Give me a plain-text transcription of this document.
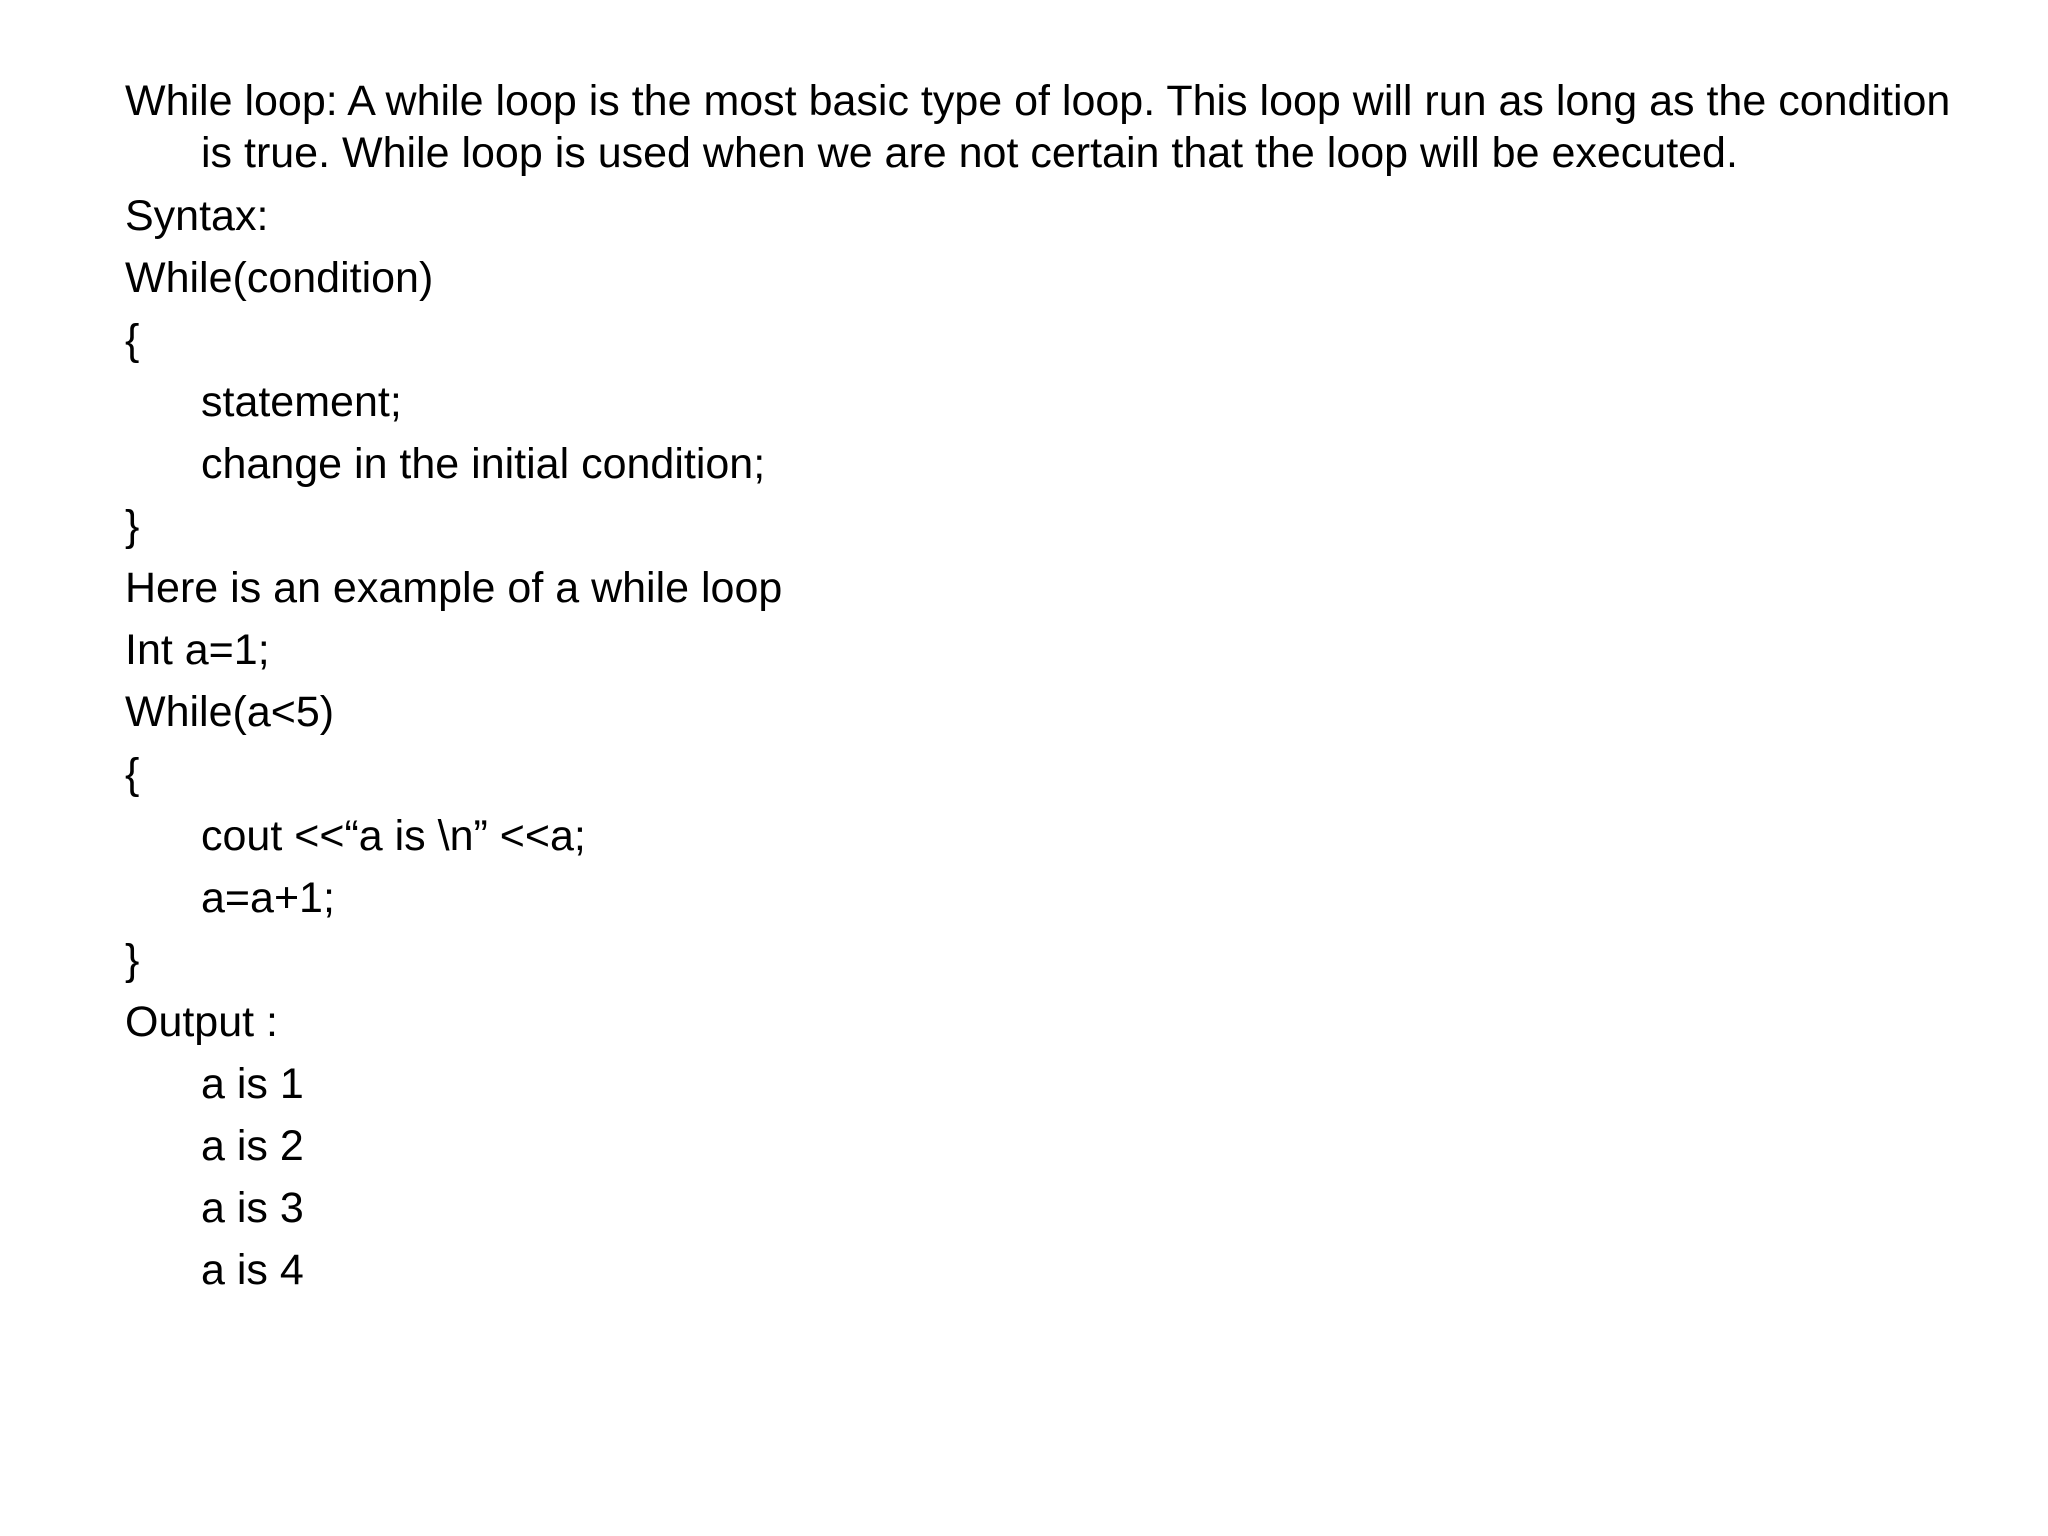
While loop: A while loop is the most basic type of loop. This loop will run as long as the condition is true. While loop is used when we are not certain that the loop will be executed.

Syntax:
While(condition)
{
statement;
change in the initial condition;
}
Here is an example of a while loop
Int a=1;
While(a<5)
{
cout <<“a is \n” <<a;
a=a+1;
}
Output :
a is 1
a is 2
a is 3
a is 4
